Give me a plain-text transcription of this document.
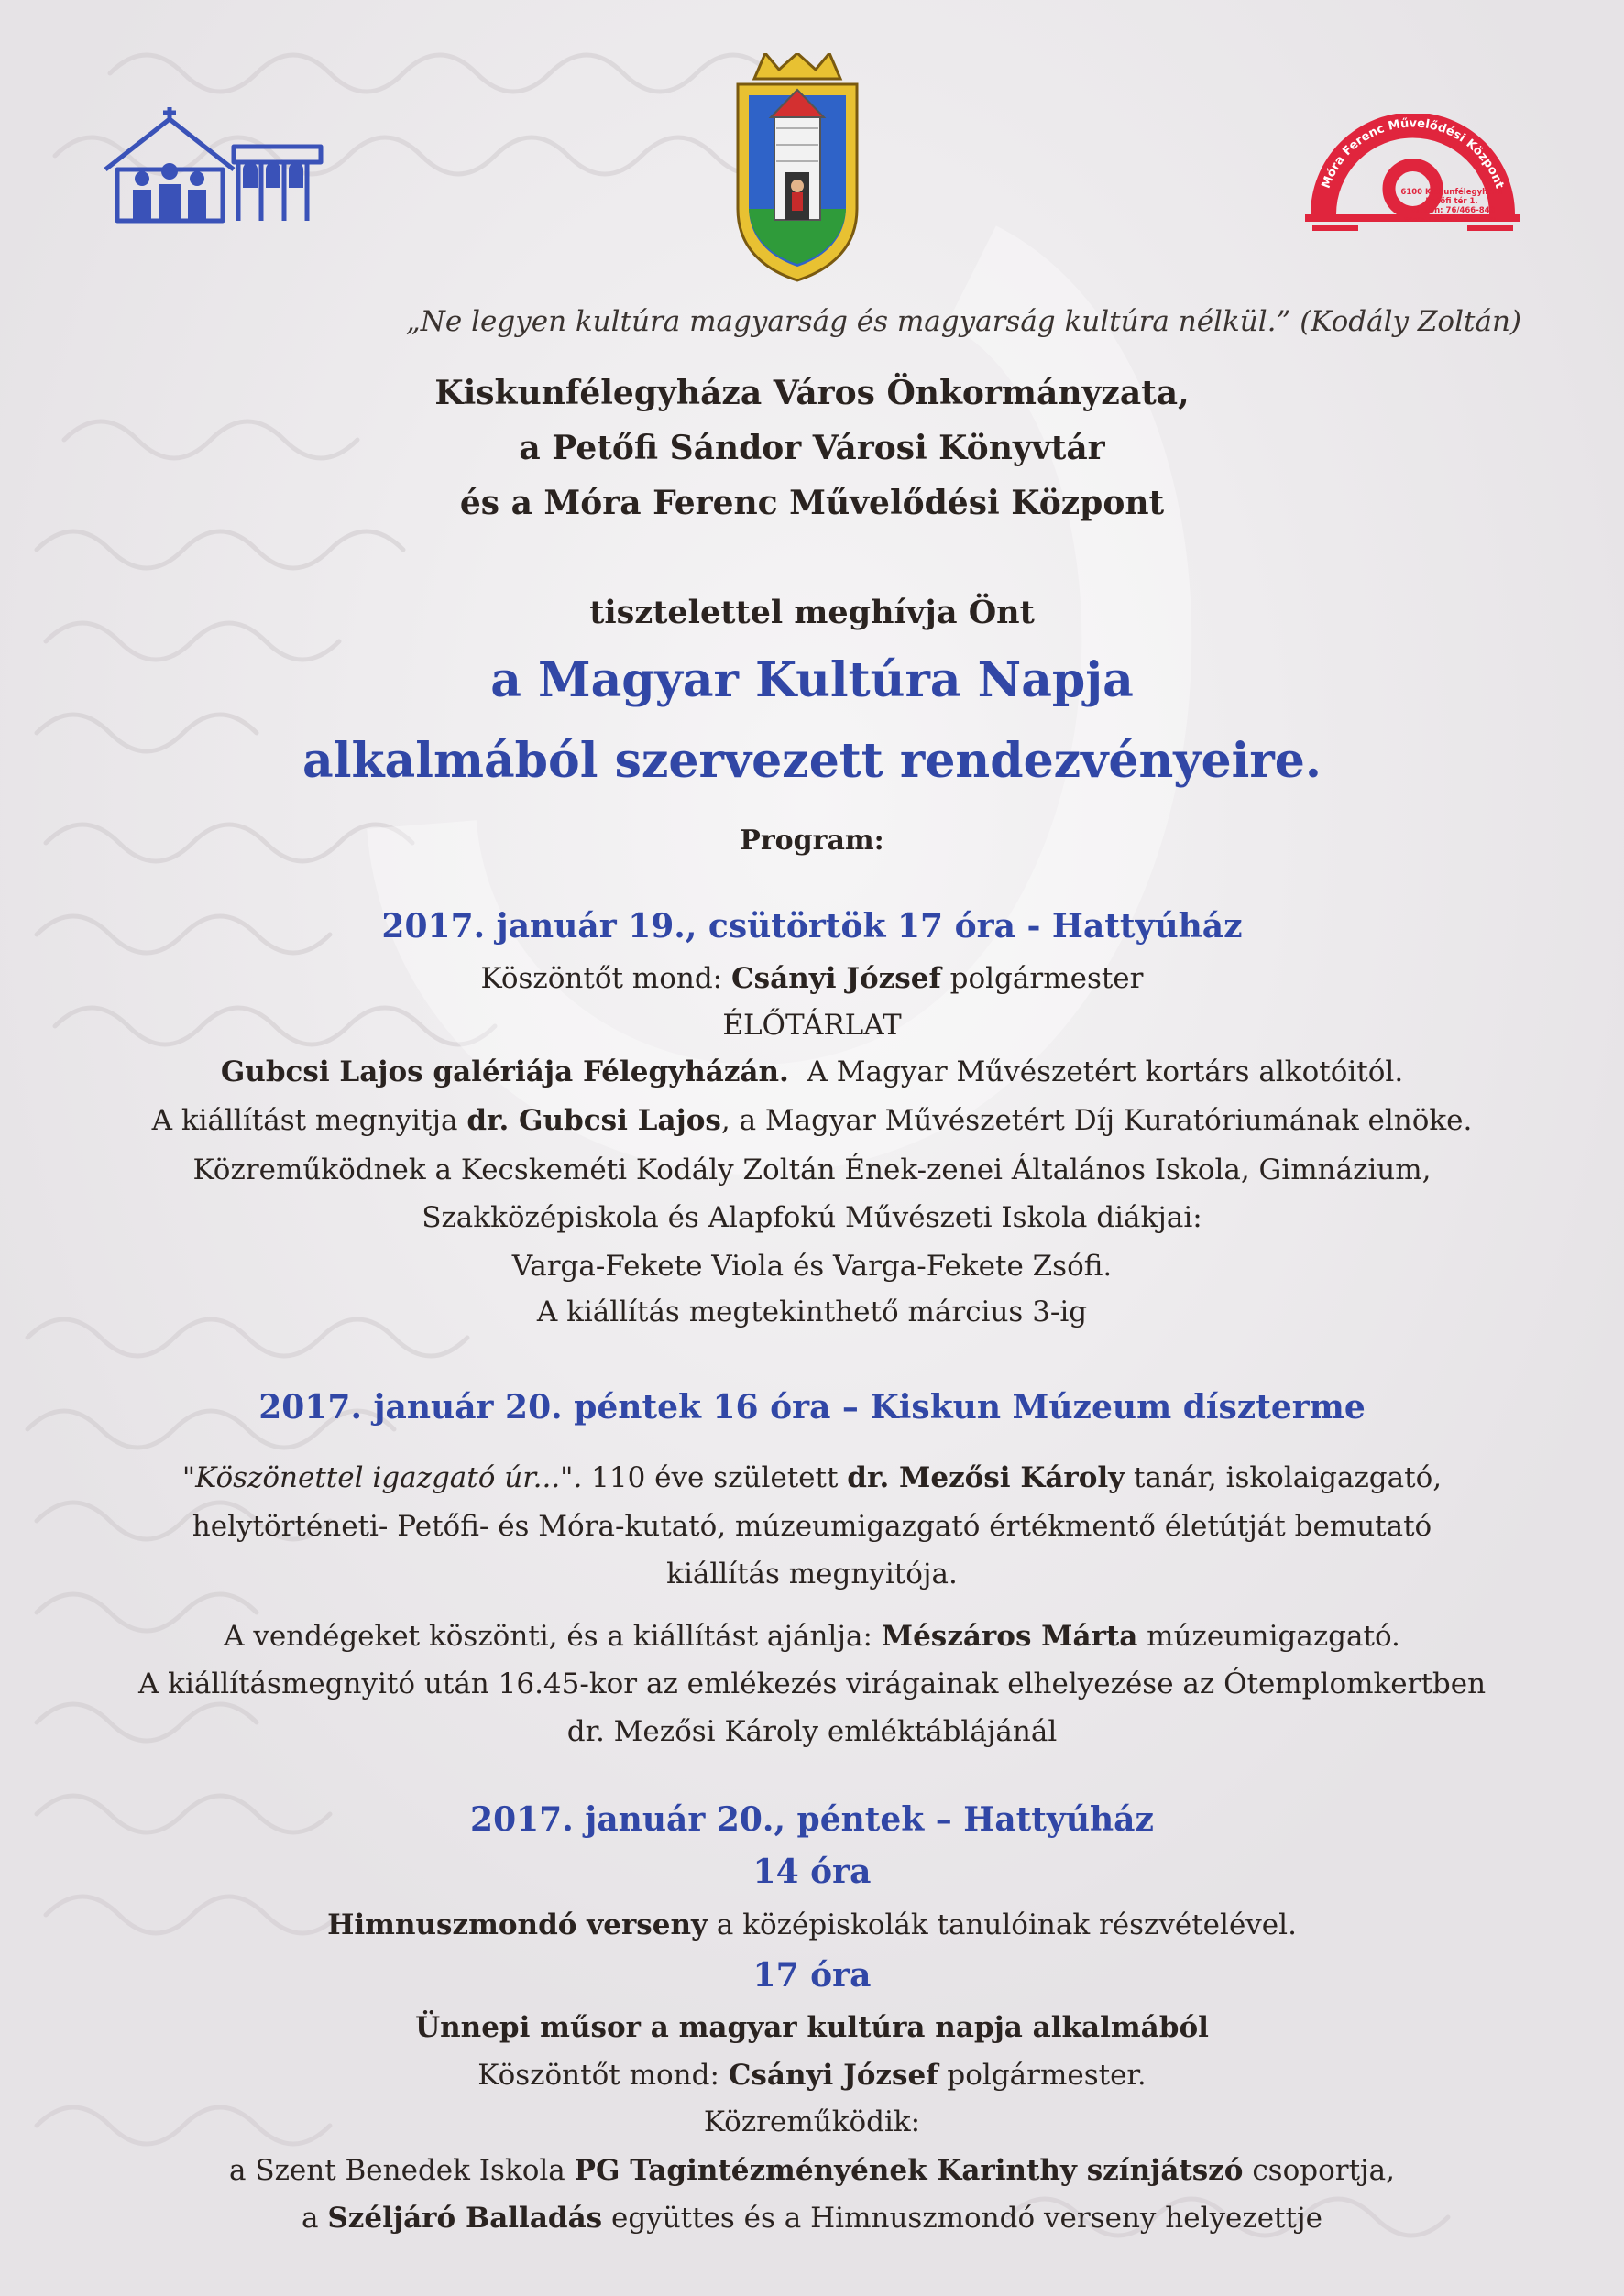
Móra Ferenc Művelődési Központ
6100 Kiskunfélegyháza
Petőfi tér 1.
Telefon: 76/466-843
www.moramuvhaz.hu
„Ne legyen kultúra magyarság és magyarság kultúra nélkül.” (Kodály Zoltán)
Kiskunfélegyháza Város Önkormányzata,
a Petőfi Sándor Városi Könyvtár
és a Móra Ferenc Művelődési Központ
tisztelettel meghívja Önt
a Magyar Kultúra Napja
alkalmából szervezett rendezvényeire.
Program:
2017. január 19., csütörtök 17 óra - Hattyúház
Köszöntőt mond: Csányi József polgármester
ÉLŐTÁRLAT
Gubcsi Lajos galériája Félegyházán.  A Magyar Művészetért kortárs alkotóitól.
A kiállítást megnyitja dr. Gubcsi Lajos, a Magyar Művészetért Díj Kuratóriumának elnöke.
Közreműködnek a Kecskeméti Kodály Zoltán Ének-zenei Általános Iskola, Gimnázium,
Szakközépiskola és Alapfokú Művészeti Iskola diákjai:
Varga-Fekete Viola és Varga-Fekete Zsófi.
A kiállítás megtekinthető március 3-ig
2017. január 20. péntek 16 óra – Kiskun Múzeum díszterme
"Köszönettel igazgató úr...". 110 éve született dr. Mezősi Károly tanár, iskolaigazgató,
helytörténeti- Petőfi- és Móra-kutató, múzeumigazgató értékmentő életútját bemutató
kiállítás megnyitója.
A vendégeket köszönti, és a kiállítást ajánlja: Mészáros Márta múzeumigazgató.
A kiállításmegnyitó után 16.45-kor az emlékezés virágainak elhelyezése az Ótemplomkertben
dr. Mezősi Károly emléktáblájánál
2017. január 20., péntek – Hattyúház
14 óra
Himnuszmondó verseny a középiskolák tanulóinak részvételével.
17 óra
Ünnepi műsor a magyar kultúra napja alkalmából
Köszöntőt mond: Csányi József polgármester.
Közreműködik:
a Szent Benedek Iskola PG Tagintézményének Karinthy színjátszó csoportja,
a Széljáró Balladás együttes és a Himnuszmondó verseny helyezettje
